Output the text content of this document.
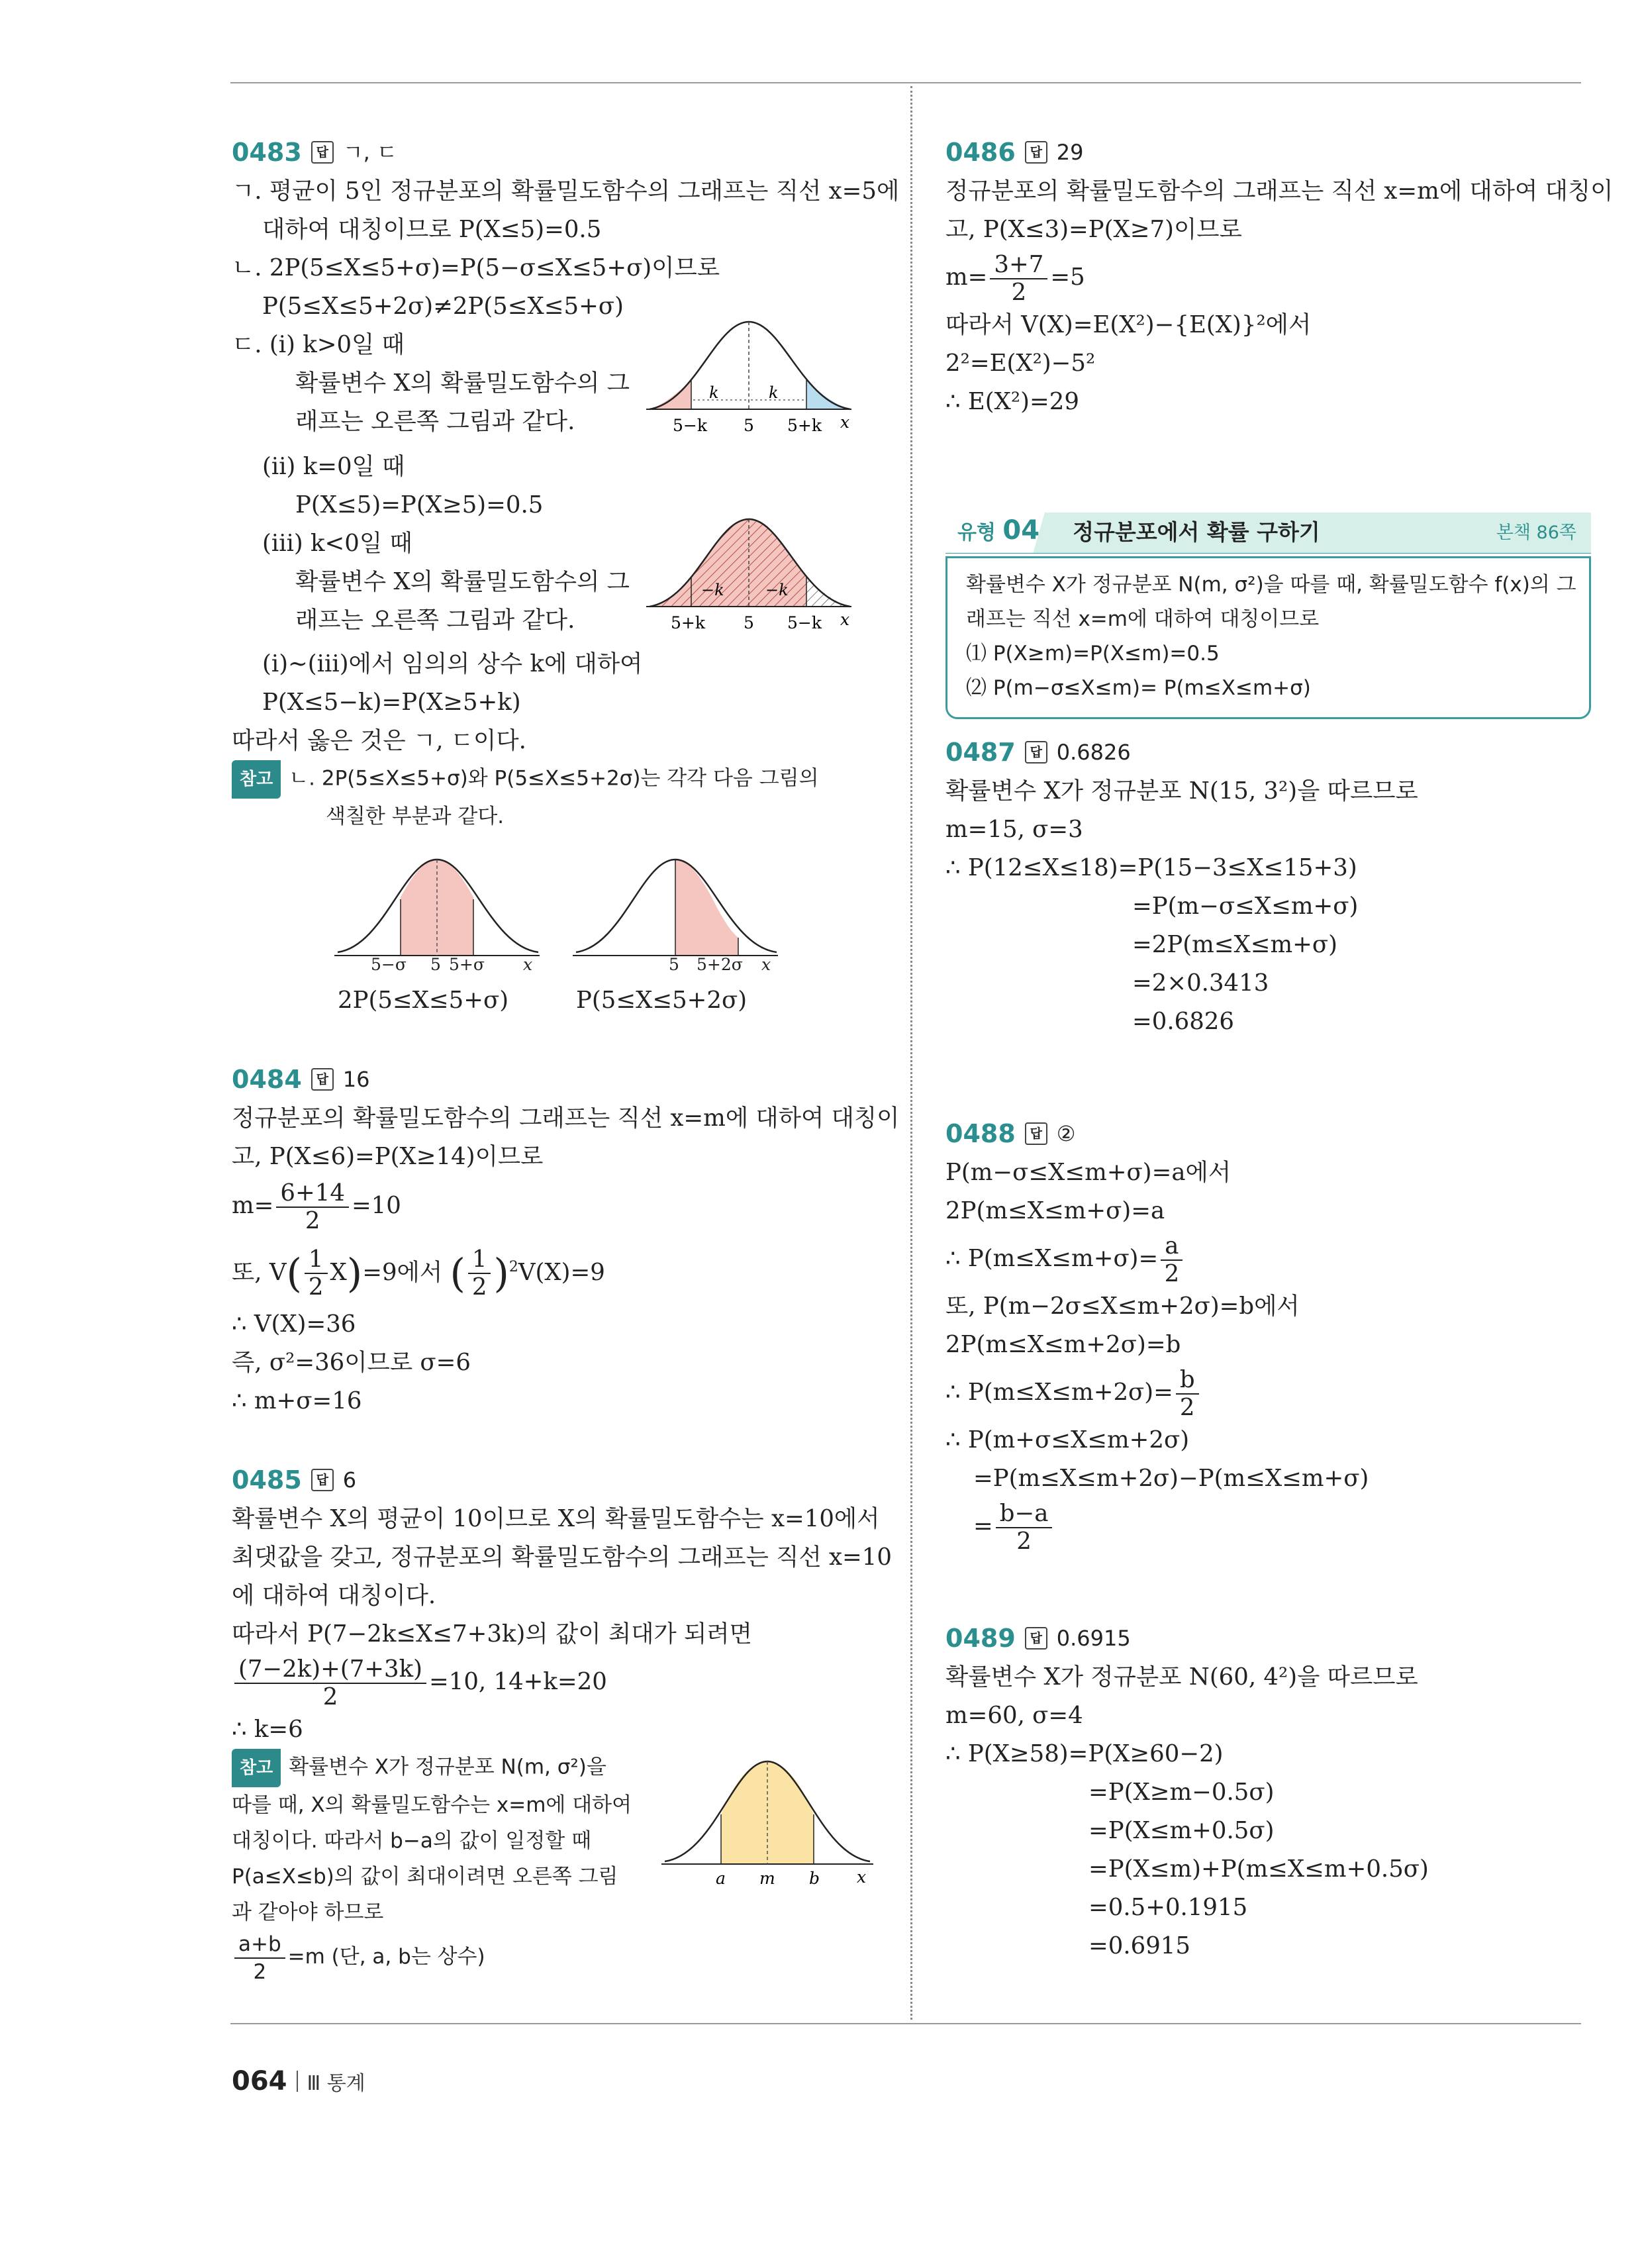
0483	답 ㄱ, ㄷ
ㄱ. 평균이 5인 정규분포의 확률밀도함수의 그래프는 직선 x=5에
대하여 대칭이므로 P(X≤5)=0.5
ㄴ. 2P(5≤X≤5+σ)=P(5−σ≤X≤5+σ)이므로
P(5≤X≤5+2σ)≠2P(5≤X≤5+σ)
ㄷ. (ⅰ) k>0일 때
확률변수 X의 확률밀도함수의 그
래프는 오른쪽 그림과 같다.
k	k
5−k 5 5+k x
(ⅱ) k=0일 때
P(X≤5)=P(X≥5)=0.5
(ⅲ) k<0일 때
확률변수 X의 확률밀도함수의 그
래프는 오른쪽 그림과 같다.
−k	−k
5+k 5 5−k x
(ⅰ)~(ⅲ)에서 임의의 상수 k에 대하여
P(X≤5−k)=P(X≥5+k)
따라서 옳은 것은 ㄱ, ㄷ이다.
참고 ㄴ. 2P(5≤X≤5+σ)와 P(5≤X≤5+2σ)는 각각 다음 그림의
색칠한 부분과 같다.
5−σ 5 5+σ x
2P(5≤X≤5+σ)
5 5+2σ x
P(5≤X≤5+2σ)
0484	답 16
정규분포의 확률밀도함수의 그래프는 직선 x=m에 대하여 대칭이
고, P(X≤6)=P(X≥14)이므로
$m= \frac{6+14}{2} =10$
또, $V( \frac{1}{2} X)=9$에서 ( $\frac{1}{2} )^2V(X)=9$
∴ V(X)=36
즉, σ²=36이므로 σ=6
∴ m+σ=16
0485	답 6
확률변수 X의 평균이 10이므로 X의 확률밀도함수는 x=10에서
최댓값을 갖고, 정규분포의 확률밀도함수의 그래프는 직선 x=10
에 대하여 대칭이다.
따라서 P(7−2k≤X≤7+3k)의 값이 최대가 되려면
$\frac{(7-2k)+(7+3k)}{2} =10$, 14+k=20
∴ k=6
참고 확률변수 X가 정규분포 N(m, σ²)을
따를 때, X의 확률밀도함수는 x=m에 대하여
대칭이다. 따라서 b−a의 값이 일정할 때
P(a≤X≤b)의 값이 최대이려면 오른쪽 그림
과 같아야 하므로
$\frac{a+b}{2} =m$ (단, a, b는 상수)
a m b x
0486	답 29
정규분포의 확률밀도함수의 그래프는 직선 x=m에 대하여 대칭이
고, P(X≤3)=P(X≥7)이므로
$m= \frac{3+7}{2} =5$
따라서 V(X)=E(X²)−{E(X)}²에서
2²=E(X²)−5²
∴ E(X²)=29
유형 04 정규분포에서 확률 구하기	본책 86쪽
확률변수 X가 정규분포 N(m, σ²)을 따를 때, 확률밀도함수 f(x)의 그
래프는 직선 x=m에 대하여 대칭이므로
⑴ P(X≥m)=P(X≤m)=0.5
⑵ P(m−σ≤X≤m)= P(m≤X≤m+σ)
0487	답 0.6826
확률변수 X가 정규분포 N(15, 3²)을 따르므로
m=15, σ=3
∴ P(12≤X≤18)=P(15−3≤X≤15+3)
=P(m−σ≤X≤m+σ)
=2P(m≤X≤m+σ)
=2×0.3413
=0.6826
0488	답 ②
P(m−σ≤X≤m+σ)=a에서
2P(m≤X≤m+σ)=a
∴ $P(m\le X\le m+\sigma)= \frac{a}{2}$
또, P(m−2σ≤X≤m+2σ)=b에서
2P(m≤X≤m+2σ)=b
∴ $P(m\le X\le m+2\sigma)= \frac{b}{2}$
∴ P(m+σ≤X≤m+2σ)
=P(m≤X≤m+2σ)−P(m≤X≤m+σ)
= $\frac{b-a}{2}$
0489	답 0.6915
확률변수 X가 정규분포 N(60, 4²)을 따르므로
m=60, σ=4
∴ P(X≥58)=P(X≥60−2)
=P(X≥m−0.5σ)
=P(X≤m+0.5σ)
=P(X≤m)+P(m≤X≤m+0.5σ)
=0.5+0.1915
=0.6915
064 Ⅲ 통계
